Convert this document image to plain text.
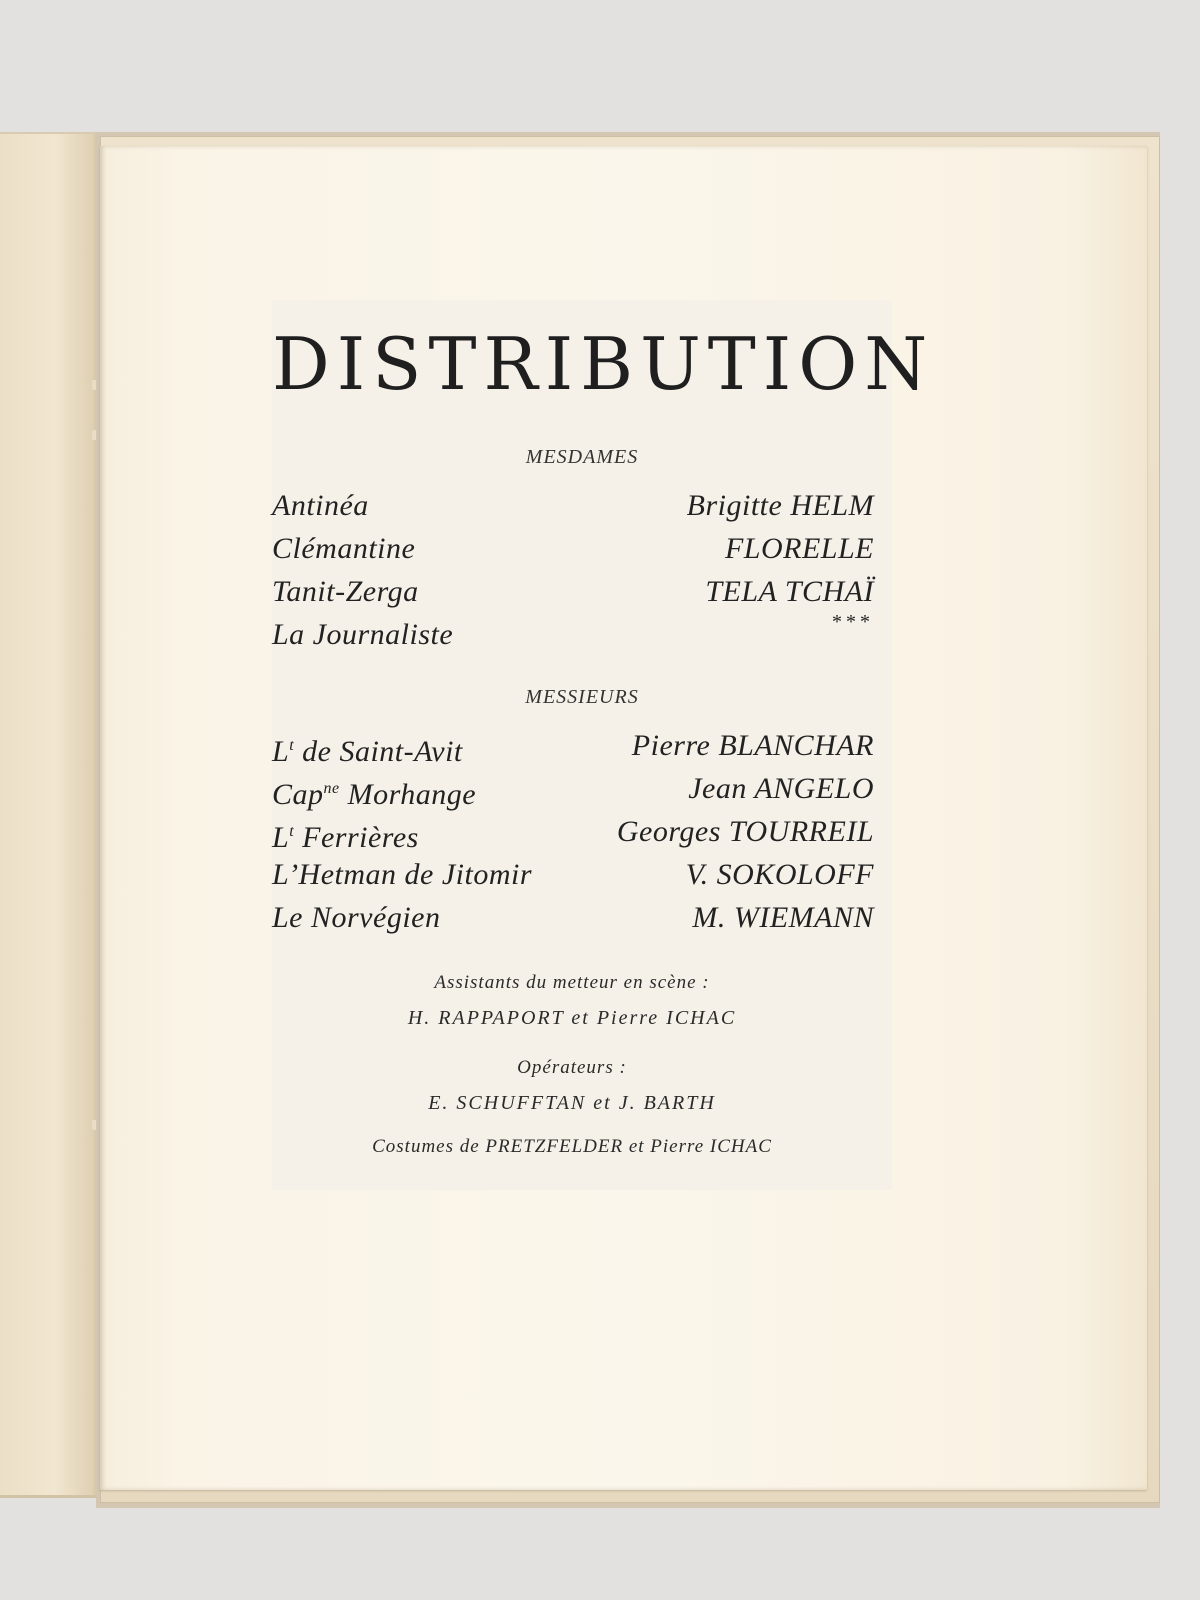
DISTRIBUTION
MESDAMES
Antinéa	Brigitte HELM
Clémantine	FLORELLE
Tanit-Zerga	TELA TCHAÏ
La Journaliste	***
MESSIEURS
$L^t$ de Saint-Avit	Pierre BLANCHAR
Cap$^{ne}$ Morhange	Jean ANGELO
$L^t$ Ferrières	Georges TOURREIL
L’Hetman de Jitomir	V. SOKOLOFF
Le Norvégien	M. WIEMANN
Assistants du metteur en scène :
H. RAPPAPORT et Pierre ICHAC
Opérateurs :
E. SCHUFFTAN et J. BARTH
Costumes de PRETZFELDER et Pierre ICHAC
